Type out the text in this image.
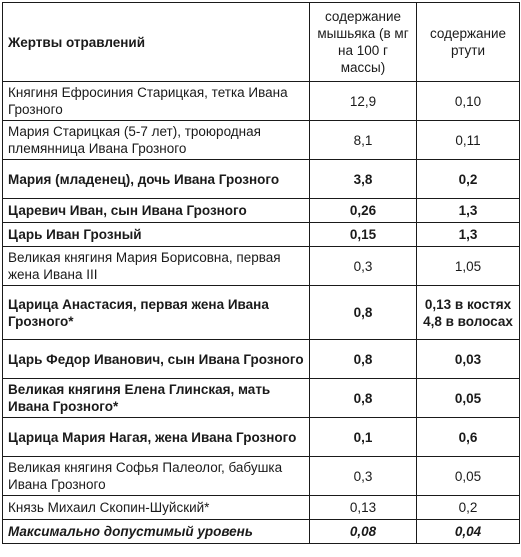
Жертвы отравлений	содержание мышьяка (в мг на 100 г массы)	содержание ртути
Княгиня Ефросиния Старицкая, тетка Ивана Грозного	12,9	0,10
Мария Старицкая (5-7 лет), троюродная племянница Ивана Грозного	8,1	0,11
Мария (младенец), дочь Ивана Грозного	3,8	0,2
Царевич Иван, сын Ивана Грозного	0,26	1,3
Царь Иван Грозный	0,15	1,3
Великая княгиня Мария Борисовна, первая жена Ивана III	0,3	1,05
Царица Анастасия, первая жена Ивана Грозного*	0,8	0,13 в костях 4,8 в волосах
Царь Федор Иванович, сын Ивана Грозного	0,8	0,03
Великая княгиня Елена Глинская, мать Ивана Грозного*	0,8	0,05
Царица Мария Нагая, жена Ивана Грозного	0,1	0,6
Великая княгиня Софья Палеолог, бабушка Ивана Грозного	0,3	0,05
Князь Михаил Скопин-Шуйский*	0,13	0,2
Максимально допустимый уровень	0,08	0,04
